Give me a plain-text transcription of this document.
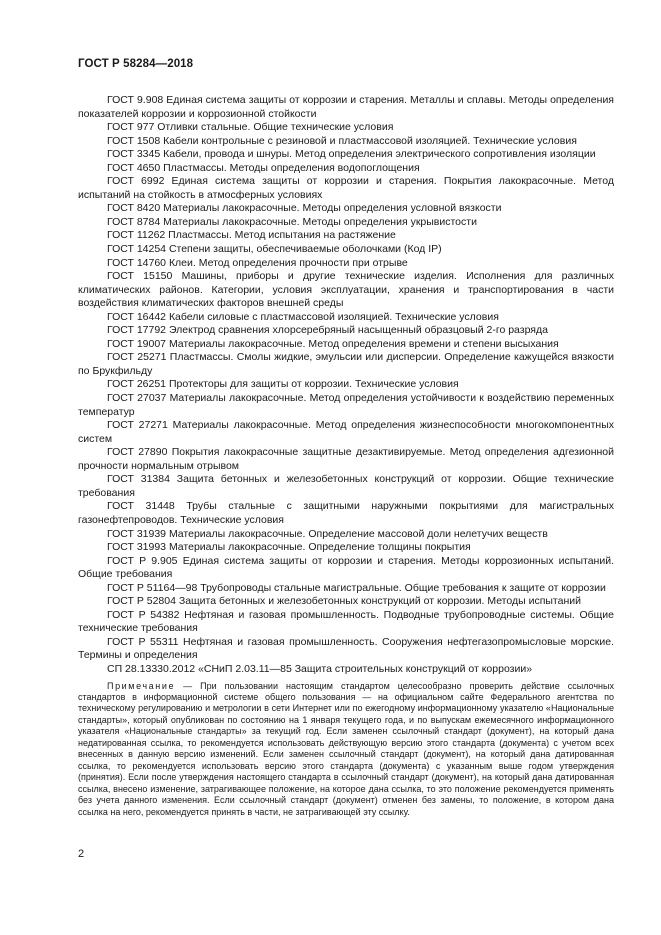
ГОСТ Р 58284—2018

ГОСТ 9.908 Единая система защиты от коррозии и старения. Металлы и сплавы. Методы определения показателей коррозии и коррозионной стойкости

ГОСТ 977 Отливки стальные. Общие технические условия

ГОСТ 1508 Кабели контрольные с резиновой и пластмассовой изоляцией. Технические условия

ГОСТ 3345 Кабели, провода и шнуры. Метод определения электрического сопротивления изоляции

ГОСТ 4650 Пластмассы. Методы определения водопоглощения

ГОСТ 6992 Единая система защиты от коррозии и старения. Покрытия лакокрасочные. Метод испытаний на стойкость в атмосферных условиях

ГОСТ 8420 Материалы лакокрасочные. Методы определения условной вязкости

ГОСТ 8784 Материалы лакокрасочные. Методы определения укрывистости

ГОСТ 11262 Пластмассы. Метод испытания на растяжение

ГОСТ 14254 Степени защиты, обеспечиваемые оболочками (Код IP)

ГОСТ 14760 Клеи. Метод определения прочности при отрыве

ГОСТ 15150 Машины, приборы и другие технические изделия. Исполнения для различных климатических районов. Категории, условия эксплуатации, хранения и транспортирования в части воздействия климатических факторов внешней среды

ГОСТ 16442 Кабели силовые с пластмассовой изоляцией. Технические условия

ГОСТ 17792 Электрод сравнения хлорсеребряный насыщенный образцовый 2-го разряда

ГОСТ 19007 Материалы лакокрасочные. Метод определения времени и степени высыхания

ГОСТ 25271 Пластмассы. Смолы жидкие, эмульсии или дисперсии. Определение кажущейся вязкости по Брукфильду

ГОСТ 26251 Протекторы для защиты от коррозии. Технические условия

ГОСТ 27037 Материалы лакокрасочные. Метод определения устойчивости к воздействию переменных температур

ГОСТ 27271 Материалы лакокрасочные. Метод определения жизнеспособности многокомпонентных систем

ГОСТ 27890 Покрытия лакокрасочные защитные дезактивируемые. Метод определения адгезионной прочности нормальным отрывом

ГОСТ 31384 Защита бетонных и железобетонных конструкций от коррозии. Общие технические требования

ГОСТ 31448 Трубы стальные с защитными наружными покрытиями для магистральных газонефтепроводов. Технические условия

ГОСТ 31939 Материалы лакокрасочные. Определение массовой доли нелетучих веществ

ГОСТ 31993 Материалы лакокрасочные. Определение толщины покрытия

ГОСТ Р 9.905 Единая система защиты от коррозии и старения. Методы коррозионных испытаний. Общие требования

ГОСТ Р 51164—98 Трубопроводы стальные магистральные. Общие требования к защите от коррозии

ГОСТ Р 52804 Защита бетонных и железобетонных конструкций от коррозии. Методы испытаний

ГОСТ Р 54382 Нефтяная и газовая промышленность. Подводные трубопроводные системы. Общие технические требования

ГОСТ Р 55311 Нефтяная и газовая промышленность. Сооружения нефтегазопромысловые морские. Термины и определения

СП 28.13330.2012 «СНиП 2.03.11—85 Защита строительных конструкций от коррозии»

Примечание — При пользовании настоящим стандартом целесообразно проверить действие ссылочных стандартов в информационной системе общего пользования — на официальном сайте Федерального агентства по техническому регулированию и метрологии в сети Интернет или по ежегодному информационному указателю «Национальные стандарты», который опубликован по состоянию на 1 января текущего года, и по выпускам ежемесячного информационного указателя «Национальные стандарты» за текущий год. Если заменен ссылочный стандарт (документ), на который дана недатированная ссылка, то рекомендуется использовать действующую версию этого стандарта (документа) с учетом всех внесенных в данную версию изменений. Если заменен ссылочный стандарт (документ), на который дана датированная ссылка, то рекомендуется использовать версию этого стандарта (документа) с указанным выше годом утверждения (принятия). Если после утверждения настоящего стандарта в ссылочный стандарт (документ), на который дана датированная ссылка, внесено изменение, затрагивающее положение, на которое дана ссылка, то это положение рекомендуется применять без учета данного изменения. Если ссылочный стандарт (документ) отменен без замены, то положение, в котором дана ссылка на него, рекомендуется принять в части, не затрагивающей эту ссылку.

2
